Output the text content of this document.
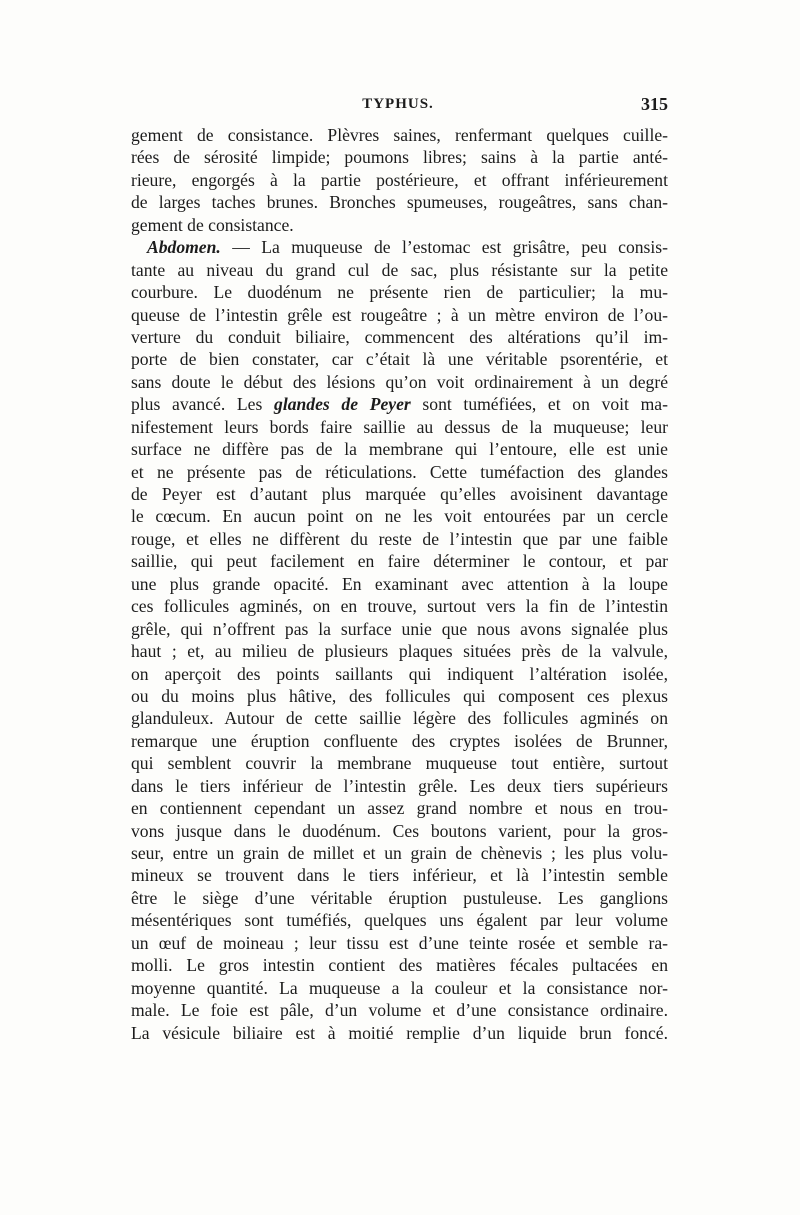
TYPHUS.	315
gement de consistance. Plèvres saines, renfermant quelques cuille-
rées de sérosité limpide; poumons libres; sains à la partie anté-
rieure, engorgés à la partie postérieure, et offrant inférieurement
de larges taches brunes. Bronches spumeuses, rougeâtres, sans chan-
gement de consistance.
Abdomen. — La muqueuse de l’estomac est grisâtre, peu consis-
tante au niveau du grand cul de sac, plus résistante sur la petite
courbure. Le duodénum ne présente rien de particulier; la mu-
queuse de l’intestin grêle est rougeâtre ; à un mètre environ de l’ou-
verture du conduit biliaire, commencent des altérations qu’il im-
porte de bien constater, car c’était là une véritable psorentérie, et
sans doute le début des lésions qu’on voit ordinairement à un degré
plus avancé. Les glandes de Peyer sont tuméfiées, et on voit ma-
nifestement leurs bords faire saillie au dessus de la muqueuse; leur
surface ne diffère pas de la membrane qui l’entoure, elle est unie
et ne présente pas de réticulations. Cette tuméfaction des glandes
de Peyer est d’autant plus marquée qu’elles avoisinent davantage
le cœcum. En aucun point on ne les voit entourées par un cercle
rouge, et elles ne diffèrent du reste de l’intestin que par une faible
saillie, qui peut facilement en faire déterminer le contour, et par
une plus grande opacité. En examinant avec attention à la loupe
ces follicules agminés, on en trouve, surtout vers la fin de l’intestin
grêle, qui n’offrent pas la surface unie que nous avons signalée plus
haut ; et, au milieu de plusieurs plaques situées près de la valvule,
on aperçoit des points saillants qui indiquent l’altération isolée,
ou du moins plus hâtive, des follicules qui composent ces plexus
glanduleux. Autour de cette saillie légère des follicules agminés on
remarque une éruption confluente des cryptes isolées de Brunner,
qui semblent couvrir la membrane muqueuse tout entière, surtout
dans le tiers inférieur de l’intestin grêle. Les deux tiers supérieurs
en contiennent cependant un assez grand nombre et nous en trou-
vons jusque dans le duodénum. Ces boutons varient, pour la gros-
seur, entre un grain de millet et un grain de chènevis ; les plus volu-
mineux se trouvent dans le tiers inférieur, et là l’intestin semble
être le siège d’une véritable éruption pustuleuse. Les ganglions
mésentériques sont tuméfiés, quelques uns égalent par leur volume
un œuf de moineau ; leur tissu est d’une teinte rosée et semble ra-
molli. Le gros intestin contient des matières fécales pultacées en
moyenne quantité. La muqueuse a la couleur et la consistance nor-
male. Le foie est pâle, d’un volume et d’une consistance ordinaire.
La vésicule biliaire est à moitié remplie d’un liquide brun foncé.
